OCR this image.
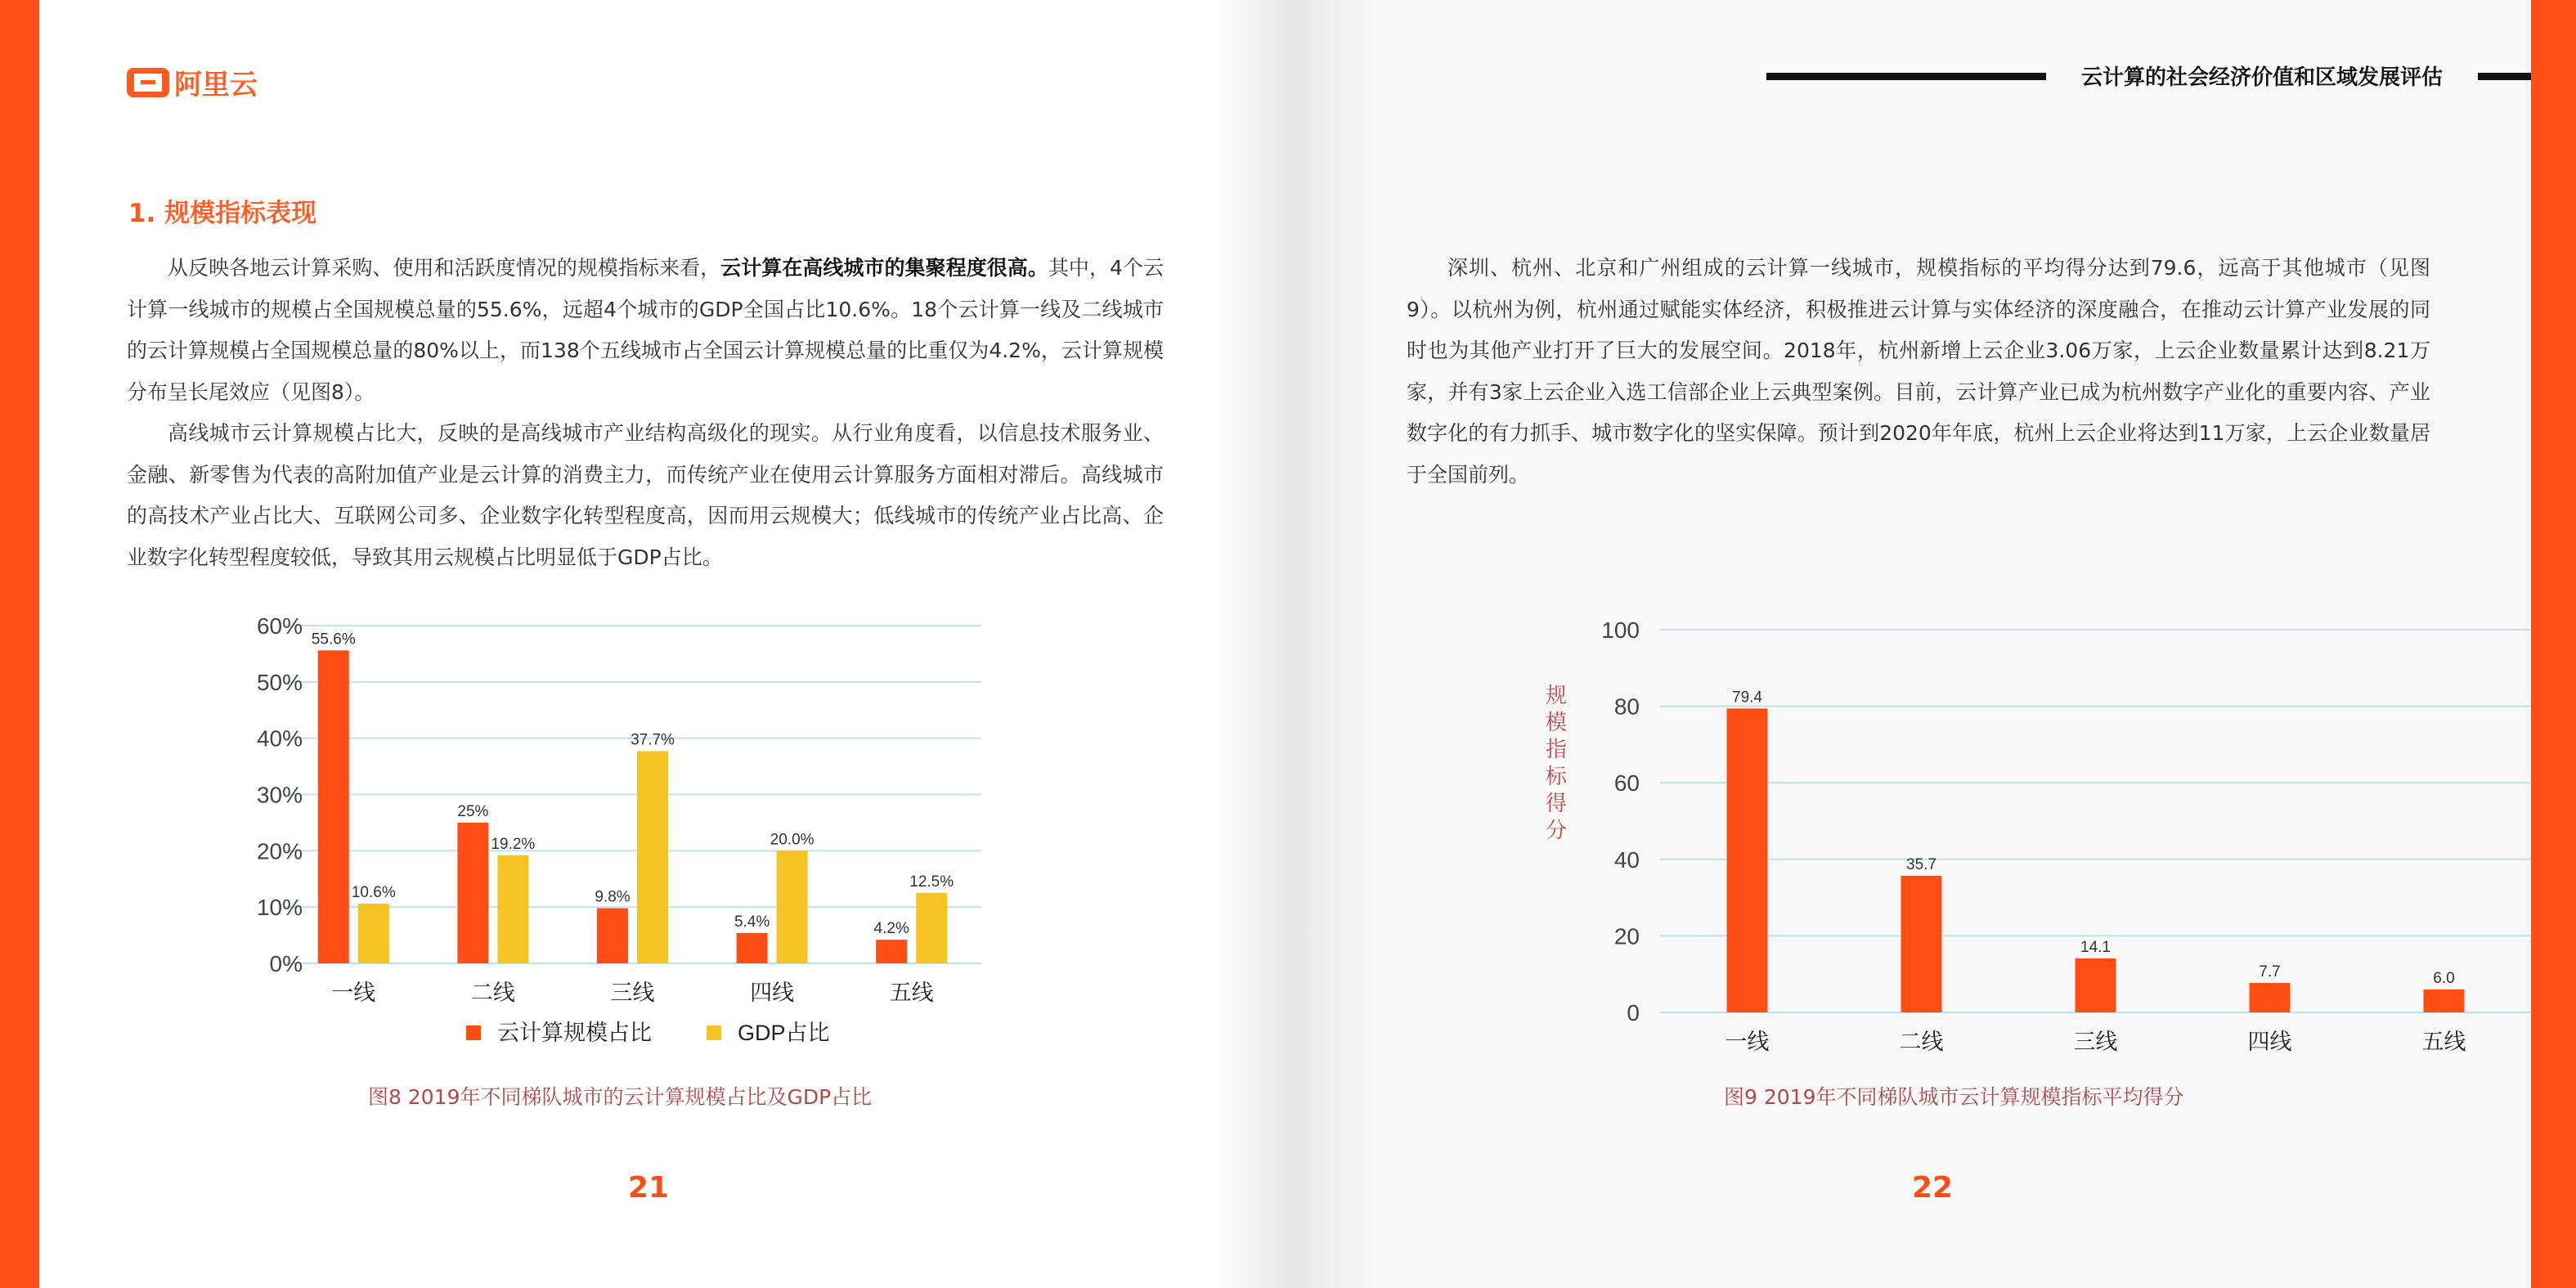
阿里云
1. 规模指标表现

从反映各地云计算采购、使用和活跃度情况的规模指标来看，云计算在高线城市的集聚程度很高。其中，4个云计算一线城市的规模占全国规模总量的55.6%，远超4个城市的GDP全国占比10.6%。18个云计算一线及二线城市的云计算规模占全国规模总量的80%以上，而138个五线城市占全国云计算规模总量的比重仅为4.2%，云计算规模分布呈长尾效应（见图8）。

高线城市云计算规模占比大，反映的是高线城市产业结构高级化的现实。从行业角度看，以信息技术服务业、金融、新零售为代表的高附加值产业是云计算的消费主力，而传统产业在使用云计算服务方面相对滞后。高线城市的高技术产业占比大、互联网公司多、企业数字化转型程度高，因而用云规模大；低线城市的传统产业占比高、企业数字化转型程度较低，导致其用云规模占比明显低于GDP占比。

0%
10%
20%
30%
40%
50%
60%
55.6%
10.6%
一线
25%
19.2%
二线
9.8%
37.7%
三线
5.4%
20.0%
四线
4.2%
12.5%
五线
云计算规模占比	GDP占比
图8 2019年不同梯队城市的云计算规模占比及GDP占比
21
云计算的社会经济价值和区域发展评估

深圳、杭州、北京和广州组成的云计算一线城市，规模指标的平均得分达到79.6，远高于其他城市（见图9）。以杭州为例，杭州通过赋能实体经济，积极推进云计算与实体经济的深度融合，在推动云计算产业发展的同时也为其他产业打开了巨大的发展空间。2018年，杭州新增上云企业3.06万家，上云企业数量累计达到8.21万家，并有3家上云企业入选工信部企业上云典型案例。目前，云计算产业已成为杭州数字产业化的重要内容、产业数字化的有力抓手、城市数字化的坚实保障。预计到2020年年底，杭州上云企业将达到11万家，上云企业数量居于全国前列。

规模指标得分
0
20
40
60
80
100
79.4
一线
35.7
二线
14.1
三线
7.7
四线
6.0
五线
图9 2019年不同梯队城市云计算规模指标平均得分
22
